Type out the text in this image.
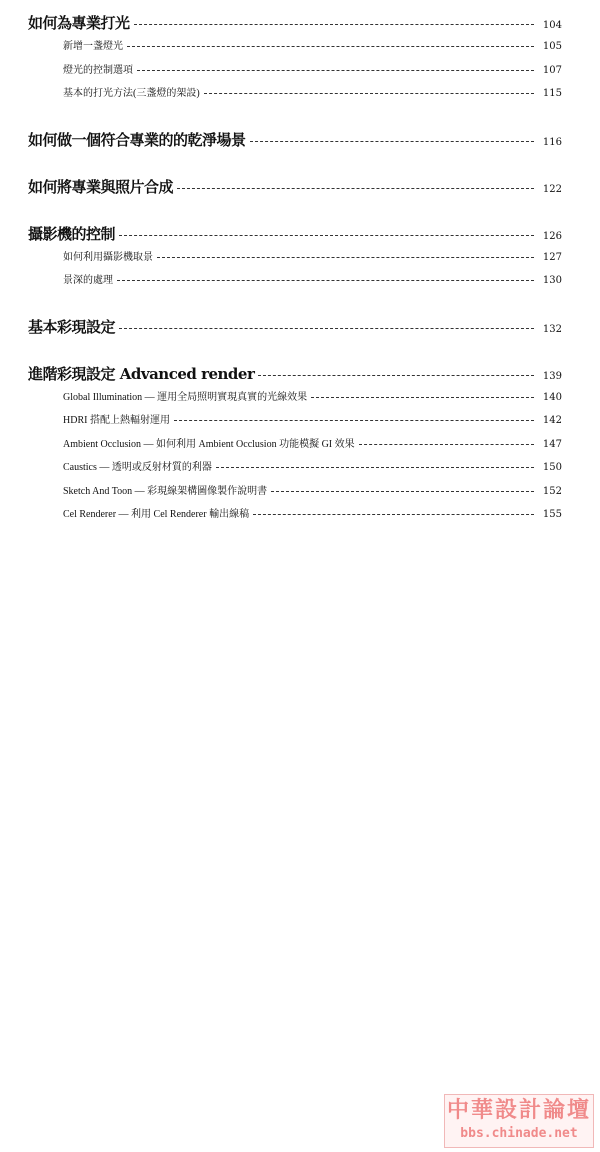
如何為專業打光	104
新增一盞燈光	105
燈光的控制選項	107
基本的打光方法(三盞燈的架設)	115
如何做一個符合專業的的乾淨場景	116
如何將專業與照片合成	122
攝影機的控制	126
如何利用攝影機取景	127
景深的處理	130
基本彩現設定	132
進階彩現設定 Advanced render	139
Global Illumination — 運用全局照明實現真實的光線效果	140
HDRI 搭配上熱輻射運用	142
Ambient Occlusion — 如何利用 Ambient Occlusion 功能模擬 GI 效果	147
Caustics — 透明或反射材質的利器	150
Sketch And Toon — 彩現線架構圖像製作說明書	152
Cel Renderer — 利用 Cel Renderer 輸出線稿	155
中華設計論壇
bbs.chinade.net
